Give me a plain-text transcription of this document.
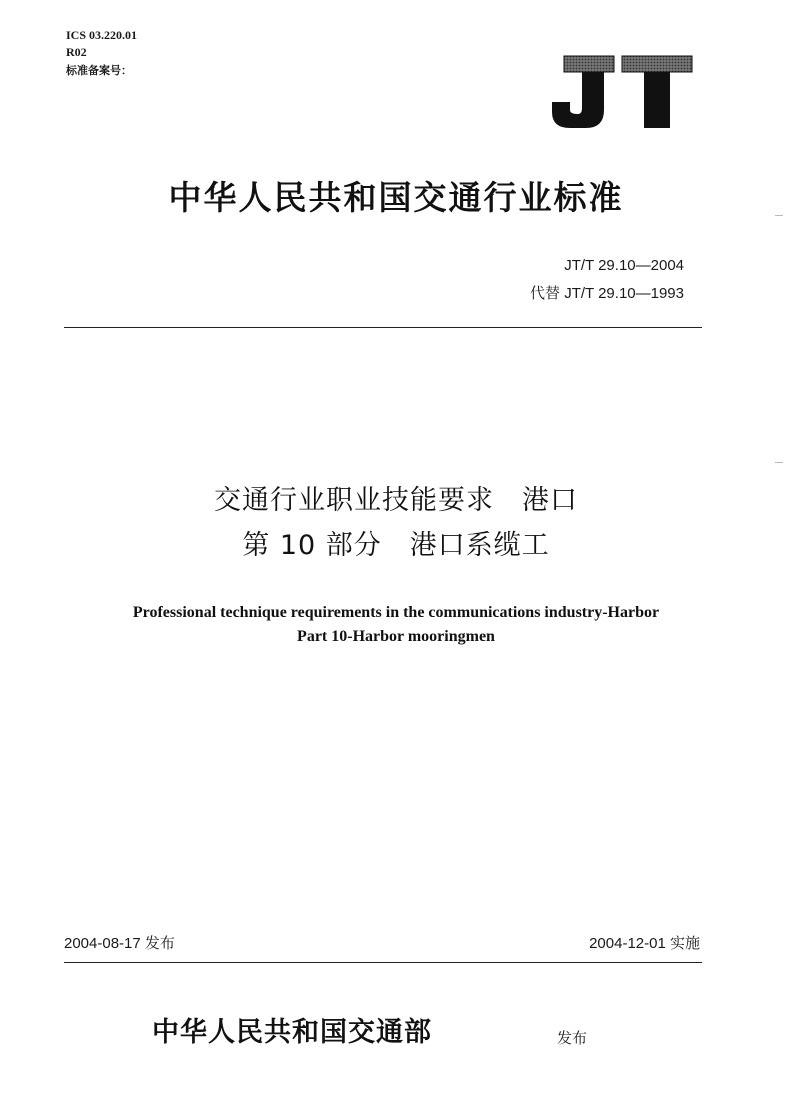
ICS 03.220.01
R02
标准备案号：
中华人民共和国交通行业标准
JT/T 29.10—2004
代替 JT/T 29.10—1993
交通行业职业技能要求　港口
第 10 部分　港口系缆工
Professional technique requirements in the communications industry-Harbor
Part 10-Harbor mooringmen
2004-08-17 发布	2004-12-01 实施
中华人民共和国交通部	发布
